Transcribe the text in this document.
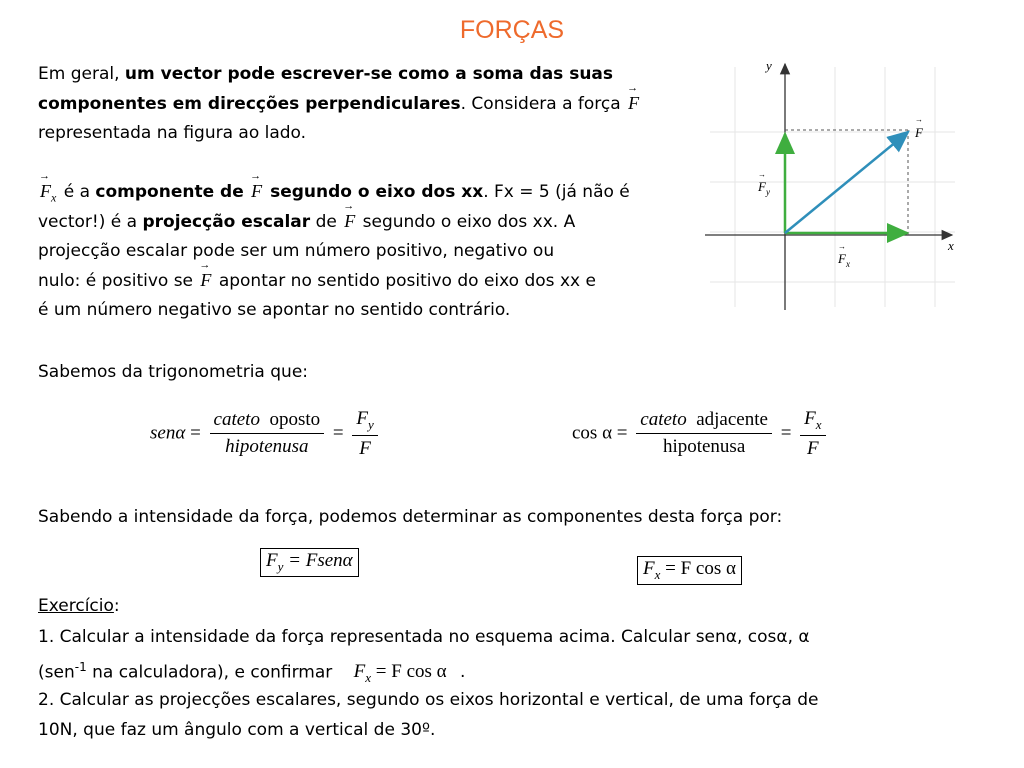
FORÇAS

Em geral, um vector pode escrever-se como a soma das suas componentes em direcções perpendiculares. Considera a força
→
F
representada na figura ao lado.

→
$F_x$ é a componente de
→
F segundo o eixo dos xx. Fx = 5 (já não é
vector!) é a projecção escalar de
→
F segundo o eixo dos xx. A
projecção escalar pode ser um número positivo, negativo ou
nulo: é positivo se
→
F apontar no sentido positivo do eixo dos xx e
é um número negativo se apontar no sentido contrário.

x
y
→
F
→
F y
→
F x
Sabemos da trigonometria que:
$sen\alpha = \frac{\text{cateto oposto}}{\text{hipotenusa}} = \frac{F_y}{F}$	$\cos \alpha = \frac{\text{cateto adjacente}}{\text{hipotenusa}} = \frac{F_x}{F}$
Sabendo a intensidade da força, podemos determinar as componentes desta força por:
$F_y$ = Fsenα	$F_x = F$ cos α
Exercício:

1. Calcular a intensidade da força representada no esquema acima. Calcular senα, cosα, α
(sen$^{-1}$ na calculadora), e confirmar $F_x = F$ cos α .

2. Calcular as projecções escalares, segundo os eixos horizontal e vertical, de uma força de
10N, que faz um ângulo com a vertical de 30º.
